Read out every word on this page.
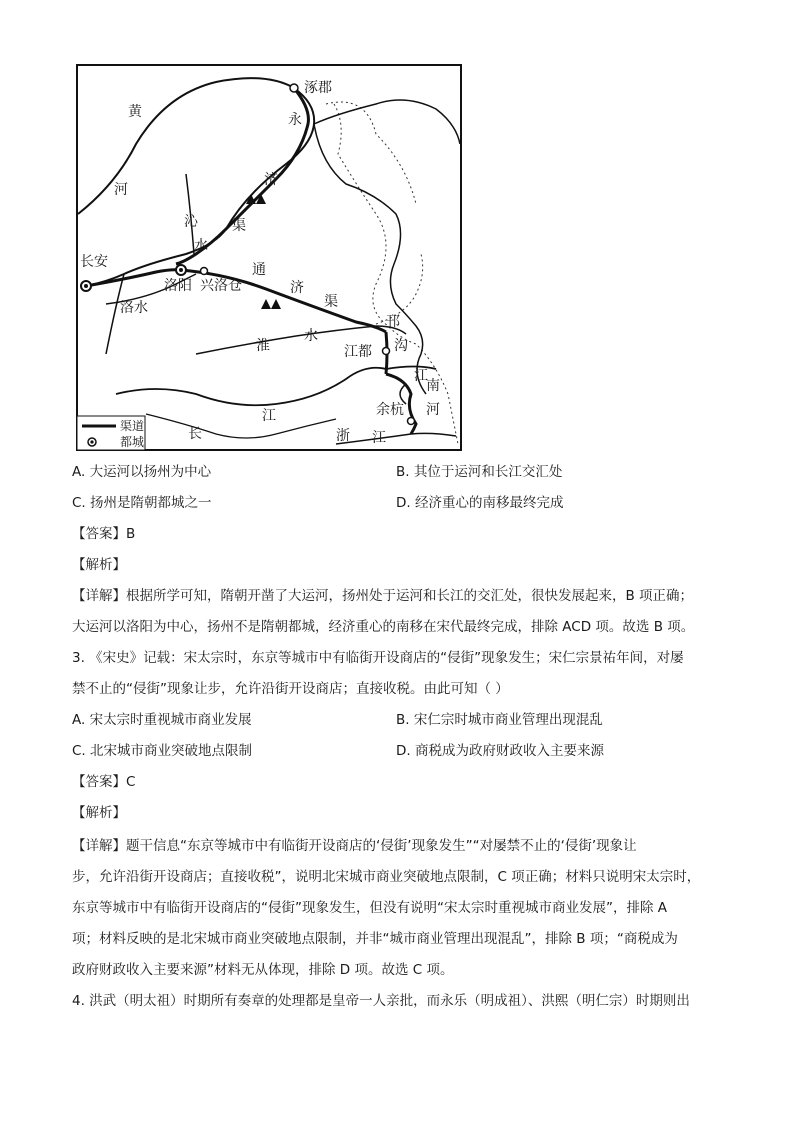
涿郡
永
济
渠
黄
河
沁
水
长安
洛阳 兴洛仓
通
济
渠
洛水
淮
水
邗
沟
江都
江
南
河
余杭
浙 江
长
江
渠道
都城
A. 大运河以扬州为中心	B. 其位于运河和长江交汇处
C. 扬州是隋朝都城之一	D. 经济重心的南移最终完成
【答案】B
【解析】
【详解】根据所学可知，隋朝开凿了大运河，扬州处于运河和长江的交汇处，很快发展起来，B 项正确；
大运河以洛阳为中心，扬州不是隋朝都城，经济重心的南移在宋代最终完成，排除 ACD 项。故选 B 项。
3. 《宋史》记载：宋太宗时，东京等城市中有临街开设商店的“侵街”现象发生；宋仁宗景祐年间，对屡
禁不止的“侵街”现象让步，允许沿街开设商店；直接收税。由此可知（ ）
A. 宋太宗时重视城市商业发展	B. 宋仁宗时城市商业管理出现混乱
C. 北宋城市商业突破地点限制	D. 商税成为政府财政收入主要来源
【答案】C
【解析】
【详解】题干信息“东京等城市中有临街开设商店的‘侵街’现象发生”“对屡禁不止的‘侵街’现象让
步，允许沿街开设商店；直接收税”，说明北宋城市商业突破地点限制，C 项正确；材料只说明宋太宗时，
东京等城市中有临街开设商店的“侵街”现象发生，但没有说明“宋太宗时重视城市商业发展”，排除 A
项；材料反映的是北宋城市商业突破地点限制，并非“城市商业管理出现混乱”，排除 B 项；“商税成为
政府财政收入主要来源”材料无从体现，排除 D 项。故选 C 项。
4. 洪武（明太祖）时期所有奏章的处理都是皇帝一人亲批，而永乐（明成祖）、洪熙（明仁宗）时期则出
